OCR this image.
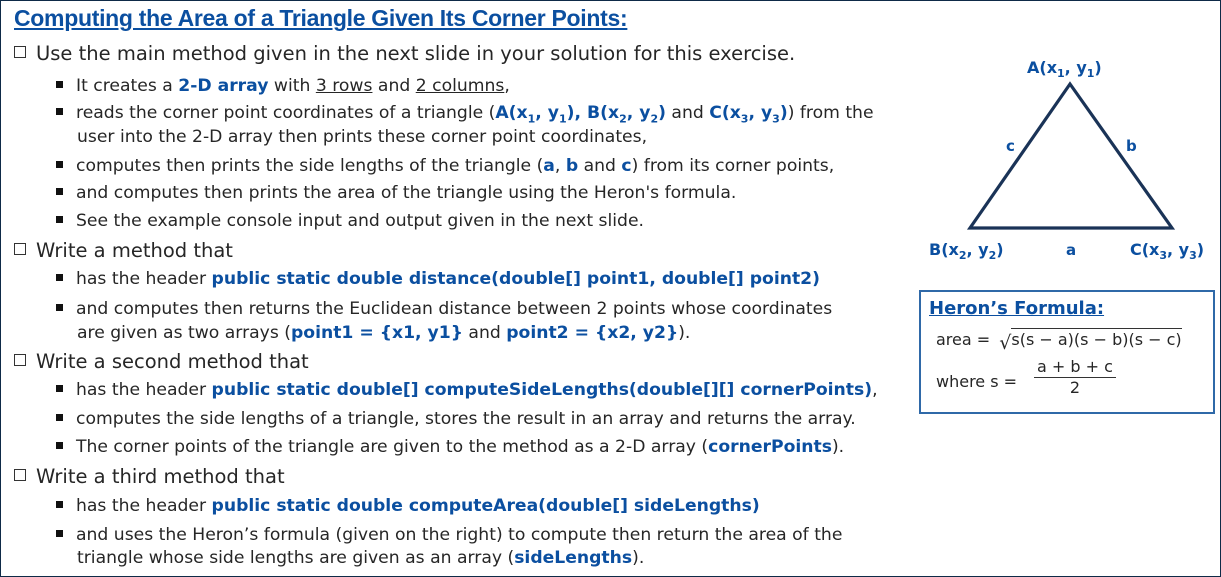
Computing the Area of a Triangle Given Its Corner Points:
Use the main method given in the next slide in your solution for this exercise.
It creates a 2-D array with 3 rows and 2 columns,
reads the corner point coordinates of a triangle ($A(x_1$, $y_1$), $B(x_2$, $y_2$) and $C(x_3$, $y_3$)) from the
user into the 2-D array then prints these corner point coordinates,
computes then prints the side lengths of the triangle (a, b and c) from its corner points,
and computes then prints the area of the triangle using the Heron's formula.
See the example console input and output given in the next slide.
Write a method that
has the header public static double distance(double[] point1, double[] point2)
and computes then returns the Euclidean distance between 2 points whose coordinates
are given as two arrays (point1 = {x1, y1} and point2 = {x2, y2}).
Write a second method that
has the header public static double[] computeSideLengths(double[][] cornerPoints),
computes the side lengths of a triangle, stores the result in an array and returns the array.
The corner points of the triangle are given to the method as a 2-D array (cornerPoints).
Write a third method that
has the header public static double computeArea(double[] sideLengths)
and uses the Heron’s formula (given on the right) to compute then return the area of the
triangle whose side lengths are given as an array (sideLengths).
$A(x_1$, $y_1$)
$B(x_2$, $y_2$)	$C(x_3$, $y_3$)
c	b
a
Heron’s Formula:
area = √s(s − a)(s − b)(s − c)
where $s = \frac{a + b + c}{2}$
